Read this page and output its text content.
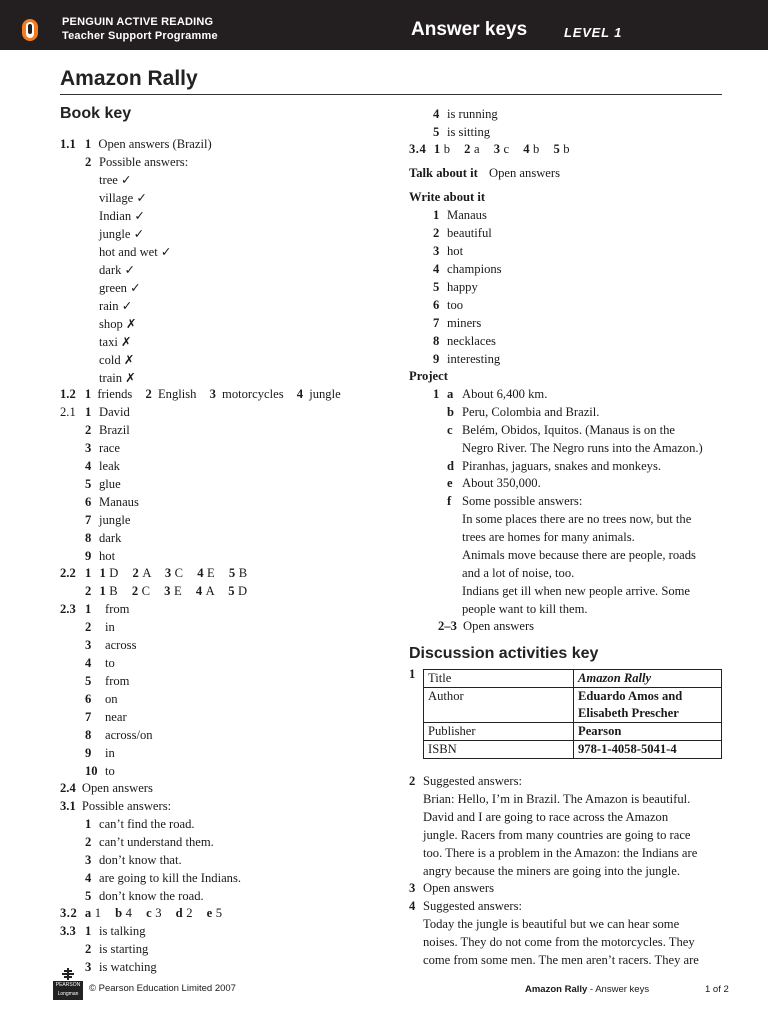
PENGUIN ACTIVE READING
Teacher Support Programme	Answer keys	LEVEL 1
Amazon Rally
Book key
1.1 1 Open answers (Brazil)
2 Possible answers:
tree ✓
village ✓
Indian ✓
jungle ✓
hot and wet ✓
dark ✓
green ✓
rain ✓
shop ✗
taxi ✗
cold ✗
train ✗
1.2 1 friends 2 English 3 motorcycles 4 jungle
2.1 1 David
2 Brazil
3 race
4 leak
5 glue
6 Manaus
7 jungle
8 dark
9 hot
2.2 1 1 D 2 A 3 C 4 E 5 B
2 1 B 2 C 3 E 4 A 5 D
2.3 1 from
2 in
3 across
4 to
5 from
6 on
7 near
8 across/on
9 in
10 to
2.4 Open answers
3.1 Possible answers:
1 can’t find the road.
2 can’t understand them.
3 don’t know that.
4 are going to kill the Indians.
5 don’t know the road.
3.2 a 1 b 4 c 3 d 2 e 5
3.3 1 is talking
2 is starting
3 is watching
4 is running
5 is sitting
3.4 1 b 2 a 3 c 4 b 5 b
Talk about it Open answers
Write about it
1 Manaus
2 beautiful
3 hot
4 champions
5 happy
6 too
7 miners
8 necklaces
9 interesting
Project
1 a About 6,400 km.
b Peru, Colombia and Brazil.
c Belém, Obidos, Iquitos. (Manaus is on the
Negro River. The Negro runs into the Amazon.)
d Piranhas, jaguars, snakes and monkeys.
e About 350,000.
f Some possible answers:
In some places there are no trees now, but the
trees are homes for many animals.
Animals move because there are people, roads
and a lot of noise, too.
Indians get ill when new people arrive. Some
people want to kill them.
2–3 Open answers
Discussion activities key
1 Title	Amazon Rally
Author	Eduardo Amos and
Elisabeth Prescher

Publisher	Pearson
ISBN	978-1-4058-5041-4
2 Suggested answers:
Brian: Hello, I’m in Brazil. The Amazon is beautiful.
David and I are going to race across the Amazon
jungle. Racers from many countries are going to race
too. There is a problem in the Amazon: the Indians are
angry because the miners are going into the jungle.
3 Open answers
4 Suggested answers:
Today the jungle is beautiful but we can hear some
noises. They do not come from the motorcycles. They
come from some men. The men aren’t racers. They are
PEARSON
Longman	© Pearson Education Limited 2007	Amazon Rally - Answer keys	1 of 2
